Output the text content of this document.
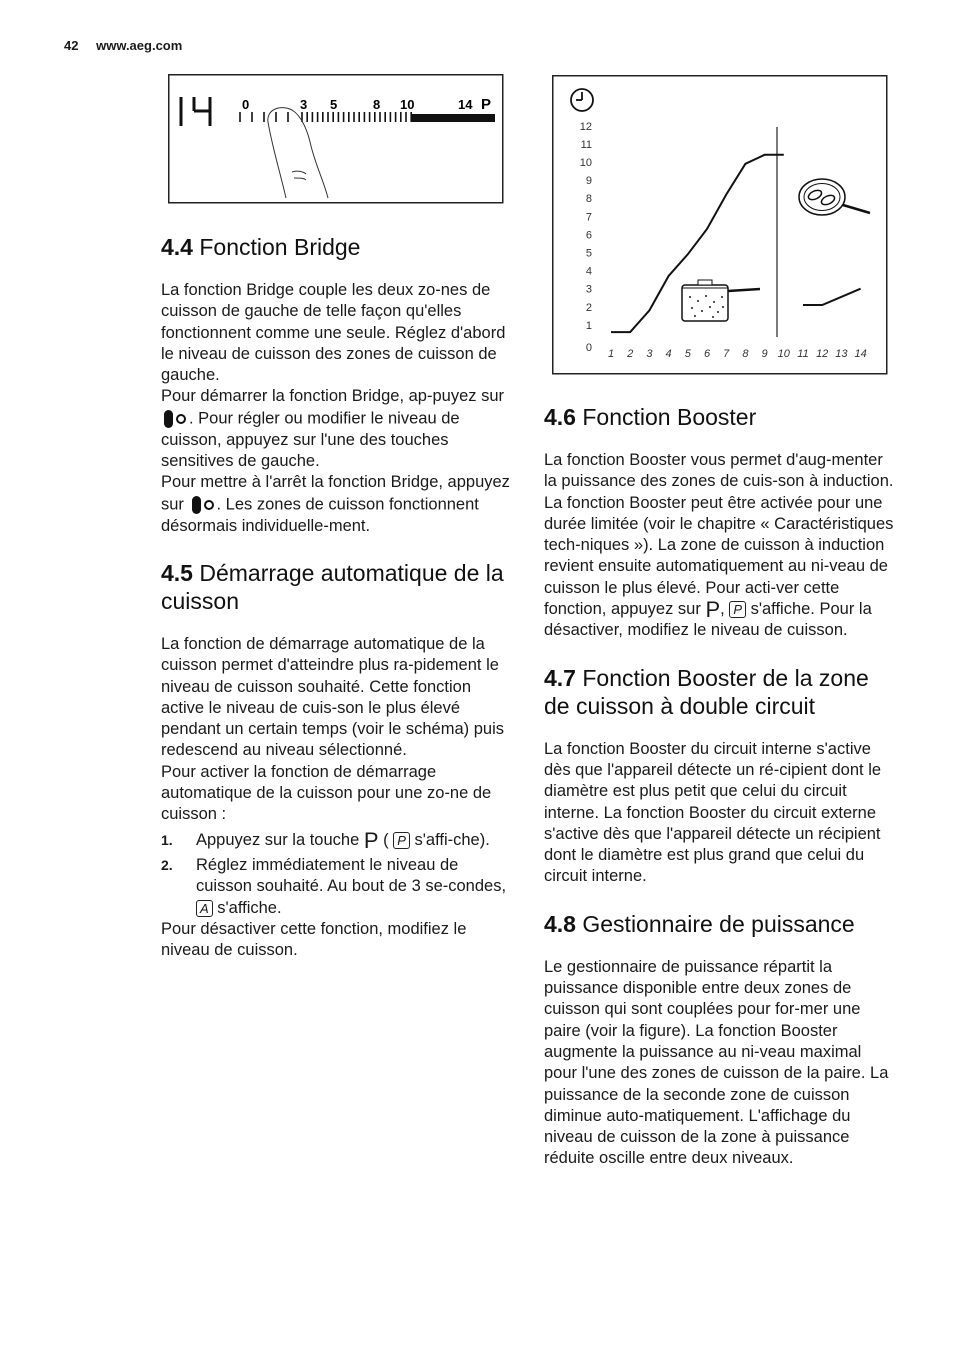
42 www.aeg.com
0	3 5	8 10	14 P
0
1
2
3
4
5
6
7
8
9
10
11
12
1 2 3 4 5 6 7 8 9 10 11 12 13 14
4.4 Fonction Bridge

La fonction Bridge couple les deux zo-nes de cuisson de gauche de telle façon qu'elles fonctionnent comme une seule. Réglez d'abord le niveau de cuisson des zones de cuisson de gauche.

Pour démarrer la fonction Bridge, ap-puyez sur . Pour régler ou modifier le niveau de cuisson, appuyez sur l'une des touches sensitives de gauche.

Pour mettre à l'arrêt la fonction Bridge, appuyez sur . Les zones de cuisson fonctionnent désormais individuelle-ment.

4.5 Démarrage automatique de la cuisson

La fonction de démarrage automatique de la cuisson permet d'atteindre plus ra-pidement le niveau de cuisson souhaité. Cette fonction active le niveau de cuis-son le plus élevé pendant un certain temps (voir le schéma) puis redescend au niveau sélectionné.

Pour activer la fonction de démarrage automatique de la cuisson pour une zo-ne de cuisson :

1. Appuyez sur la touche P ( P s'affi-che).
2. Réglez immédiatement le niveau de cuisson souhaité. Au bout de 3 se-condes, A s'affiche.

Pour désactiver cette fonction, modifiez le niveau de cuisson.

4.6 Fonction Booster

La fonction Booster vous permet d'aug-menter la puissance des zones de cuis-son à induction. La fonction Booster peut être activée pour une durée limitée (voir le chapitre « Caractéristiques tech-niques »). La zone de cuisson à induction revient ensuite automatiquement au ni-veau de cuisson le plus élevé. Pour acti-ver cette fonction, appuyez sur P, P s'affiche. Pour la désactiver, modifiez le niveau de cuisson.

4.7 Fonction Booster de la zone de cuisson à double circuit

La fonction Booster du circuit interne s'active dès que l'appareil détecte un ré-cipient dont le diamètre est plus petit que celui du circuit interne. La fonction Booster du circuit externe s'active dès que l'appareil détecte un récipient dont le diamètre est plus grand que celui du circuit interne.

4.8 Gestionnaire de puissance

Le gestionnaire de puissance répartit la puissance disponible entre deux zones de cuisson qui sont couplées pour for-mer une paire (voir la figure). La fonction Booster augmente la puissance au ni-veau maximal pour l'une des zones de cuisson de la paire. La puissance de la seconde zone de cuisson diminue auto-matiquement. L'affichage du niveau de cuisson de la zone à puissance réduite oscille entre deux niveaux.
